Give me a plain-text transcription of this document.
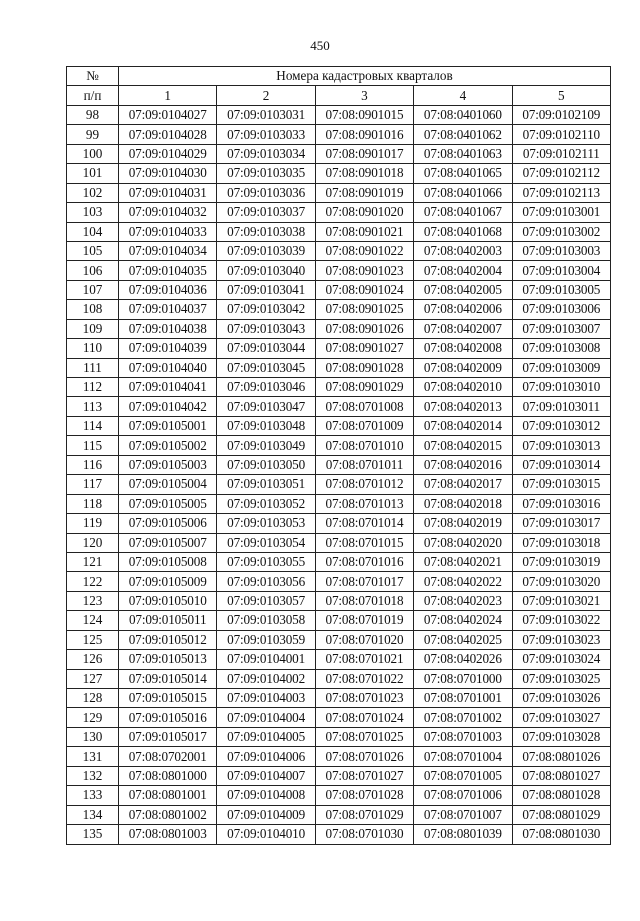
450
№	Номера кадастровых кварталов				
п/п	1	2	3	4	5
98	07:09:0104027	07:09:0103031	07:08:0901015	07:08:0401060	07:09:0102109
99	07:09:0104028	07:09:0103033	07:08:0901016	07:08:0401062	07:09:0102110
100	07:09:0104029	07:09:0103034	07:08:0901017	07:08:0401063	07:09:0102111
101	07:09:0104030	07:09:0103035	07:08:0901018	07:08:0401065	07:09:0102112
102	07:09:0104031	07:09:0103036	07:08:0901019	07:08:0401066	07:09:0102113
103	07:09:0104032	07:09:0103037	07:08:0901020	07:08:0401067	07:09:0103001
104	07:09:0104033	07:09:0103038	07:08:0901021	07:08:0401068	07:09:0103002
105	07:09:0104034	07:09:0103039	07:08:0901022	07:08:0402003	07:09:0103003
106	07:09:0104035	07:09:0103040	07:08:0901023	07:08:0402004	07:09:0103004
107	07:09:0104036	07:09:0103041	07:08:0901024	07:08:0402005	07:09:0103005
108	07:09:0104037	07:09:0103042	07:08:0901025	07:08:0402006	07:09:0103006
109	07:09:0104038	07:09:0103043	07:08:0901026	07:08:0402007	07:09:0103007
110	07:09:0104039	07:09:0103044	07:08:0901027	07:08:0402008	07:09:0103008
111	07:09:0104040	07:09:0103045	07:08:0901028	07:08:0402009	07:09:0103009
112	07:09:0104041	07:09:0103046	07:08:0901029	07:08:0402010	07:09:0103010
113	07:09:0104042	07:09:0103047	07:08:0701008	07:08:0402013	07:09:0103011
114	07:09:0105001	07:09:0103048	07:08:0701009	07:08:0402014	07:09:0103012
115	07:09:0105002	07:09:0103049	07:08:0701010	07:08:0402015	07:09:0103013
116	07:09:0105003	07:09:0103050	07:08:0701011	07:08:0402016	07:09:0103014
117	07:09:0105004	07:09:0103051	07:08:0701012	07:08:0402017	07:09:0103015
118	07:09:0105005	07:09:0103052	07:08:0701013	07:08:0402018	07:09:0103016
119	07:09:0105006	07:09:0103053	07:08:0701014	07:08:0402019	07:09:0103017
120	07:09:0105007	07:09:0103054	07:08:0701015	07:08:0402020	07:09:0103018
121	07:09:0105008	07:09:0103055	07:08:0701016	07:08:0402021	07:09:0103019
122	07:09:0105009	07:09:0103056	07:08:0701017	07:08:0402022	07:09:0103020
123	07:09:0105010	07:09:0103057	07:08:0701018	07:08:0402023	07:09:0103021
124	07:09:0105011	07:09:0103058	07:08:0701019	07:08:0402024	07:09:0103022
125	07:09:0105012	07:09:0103059	07:08:0701020	07:08:0402025	07:09:0103023
126	07:09:0105013	07:09:0104001	07:08:0701021	07:08:0402026	07:09:0103024
127	07:09:0105014	07:09:0104002	07:08:0701022	07:08:0701000	07:09:0103025
128	07:09:0105015	07:09:0104003	07:08:0701023	07:08:0701001	07:09:0103026
129	07:09:0105016	07:09:0104004	07:08:0701024	07:08:0701002	07:09:0103027
130	07:09:0105017	07:09:0104005	07:08:0701025	07:08:0701003	07:09:0103028
131	07:08:0702001	07:09:0104006	07:08:0701026	07:08:0701004	07:08:0801026
132	07:08:0801000	07:09:0104007	07:08:0701027	07:08:0701005	07:08:0801027
133	07:08:0801001	07:09:0104008	07:08:0701028	07:08:0701006	07:08:0801028
134	07:08:0801002	07:09:0104009	07:08:0701029	07:08:0701007	07:08:0801029
135	07:08:0801003	07:09:0104010	07:08:0701030	07:08:0801039	07:08:0801030
